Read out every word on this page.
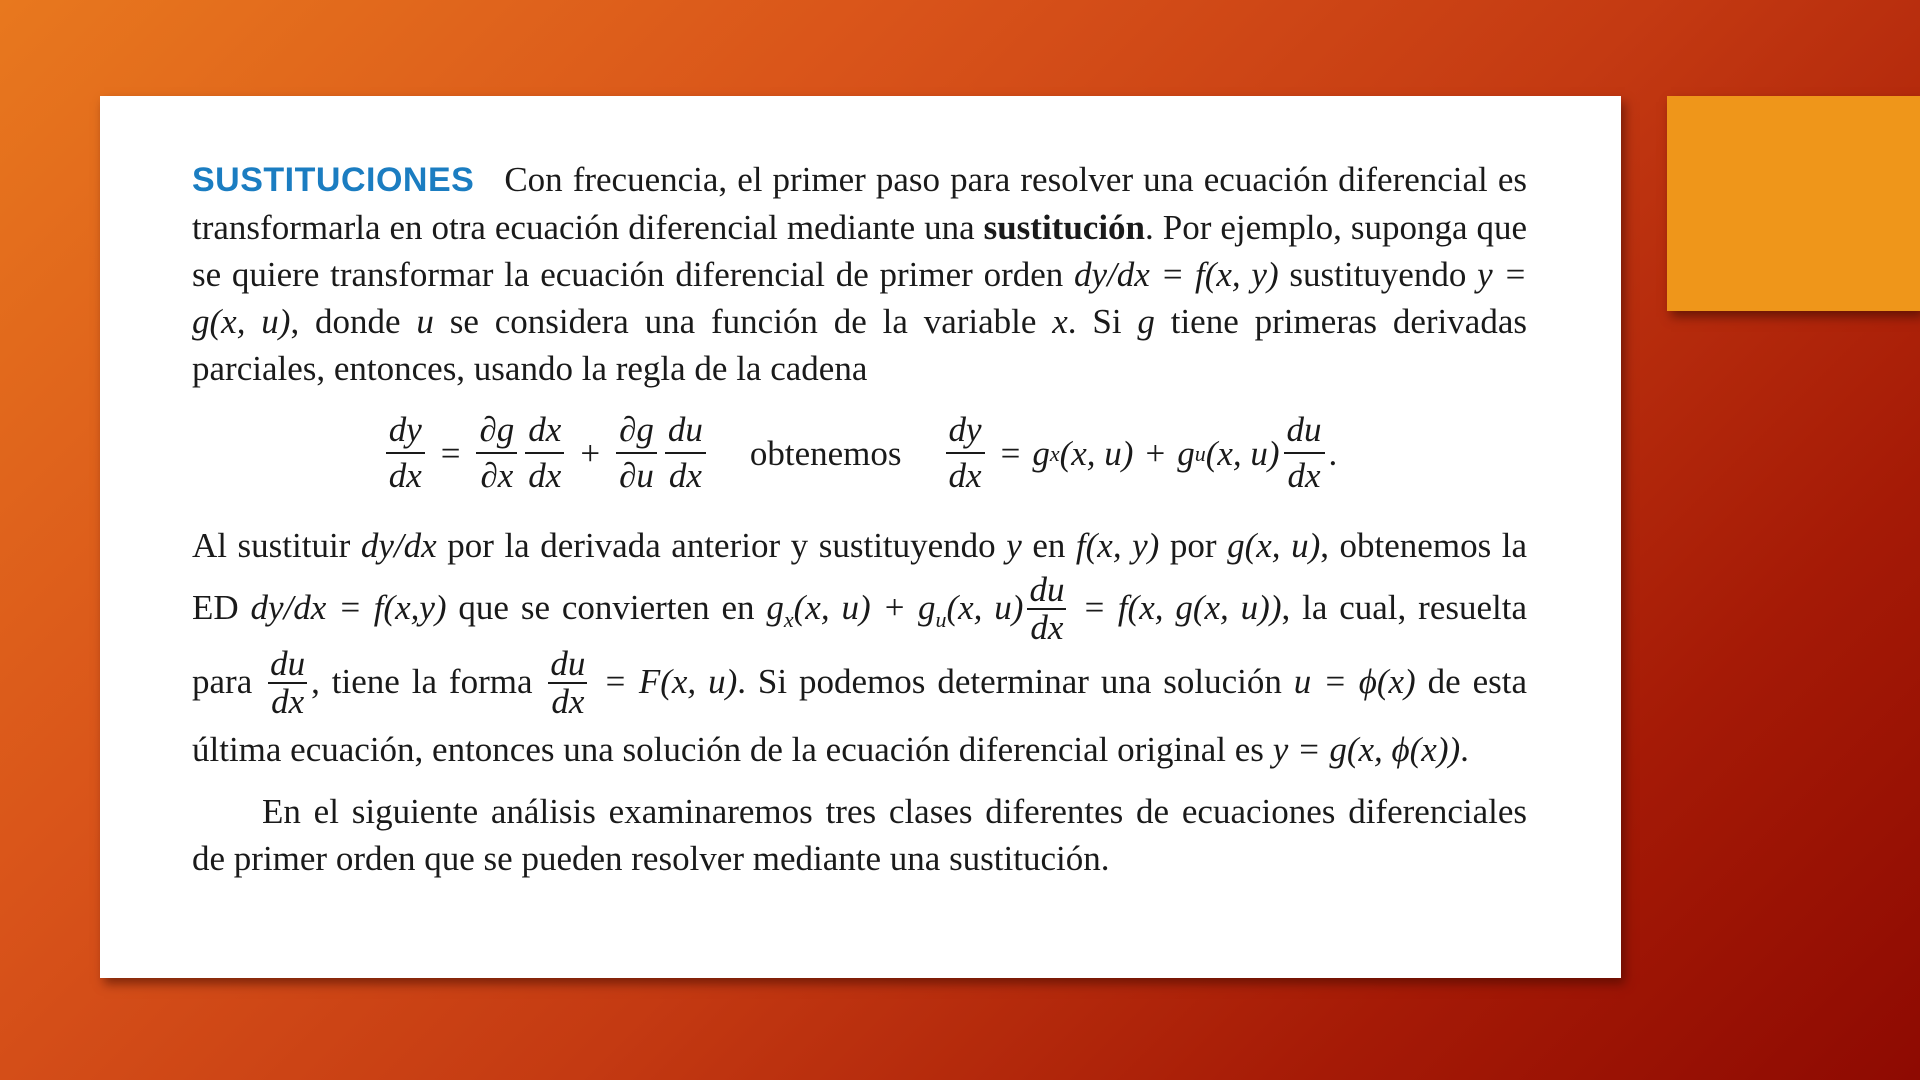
SUSTITUCIONES Con frecuencia, el primer paso para resolver una ecuación diferencial es transformarla en otra ecuación diferencial mediante una sustitución. Por ejemplo, suponga que se quiere transformar la ecuación diferencial de primer orden dy/dx = f(x, y) sustituyendo y = g(x, u), donde u se considera una función de la variable x. Si g tiene primeras derivadas parciales, entonces, usando la regla de la cadena

$\frac{dy}{dx} = \frac{\partial g}{\partial x} \frac{dx}{dx} + \frac{\partial g}{\partial u} \frac{du}{dx}$ obtenemos $\frac{dy}{dx} = g$ x (x, u) + g u (x, $u) \frac{du}{dx}$ .

Al sustituir dy/dx por la derivada anterior y sustituyendo y en f(x, y) por g(x, u), obtenemos la ED dy/dx = f(x,y) que se convierten en $g_x(x$, $u) + g_u(x$, $u) \frac{du}{dx} = f(x$, g(x, u)), la cual, resuelta para $\frac{du}{dx}$ , tiene la forma $\frac{du}{dx} = F(x$, u). Si podemos determinar una solución u = ϕ(x) de esta última ecuación, entonces una solución de la ecuación diferencial original es y = g(x, ϕ(x)).

En el siguiente análisis examinaremos tres clases diferentes de ecuaciones diferenciales de primer orden que se pueden resolver mediante una sustitución.
